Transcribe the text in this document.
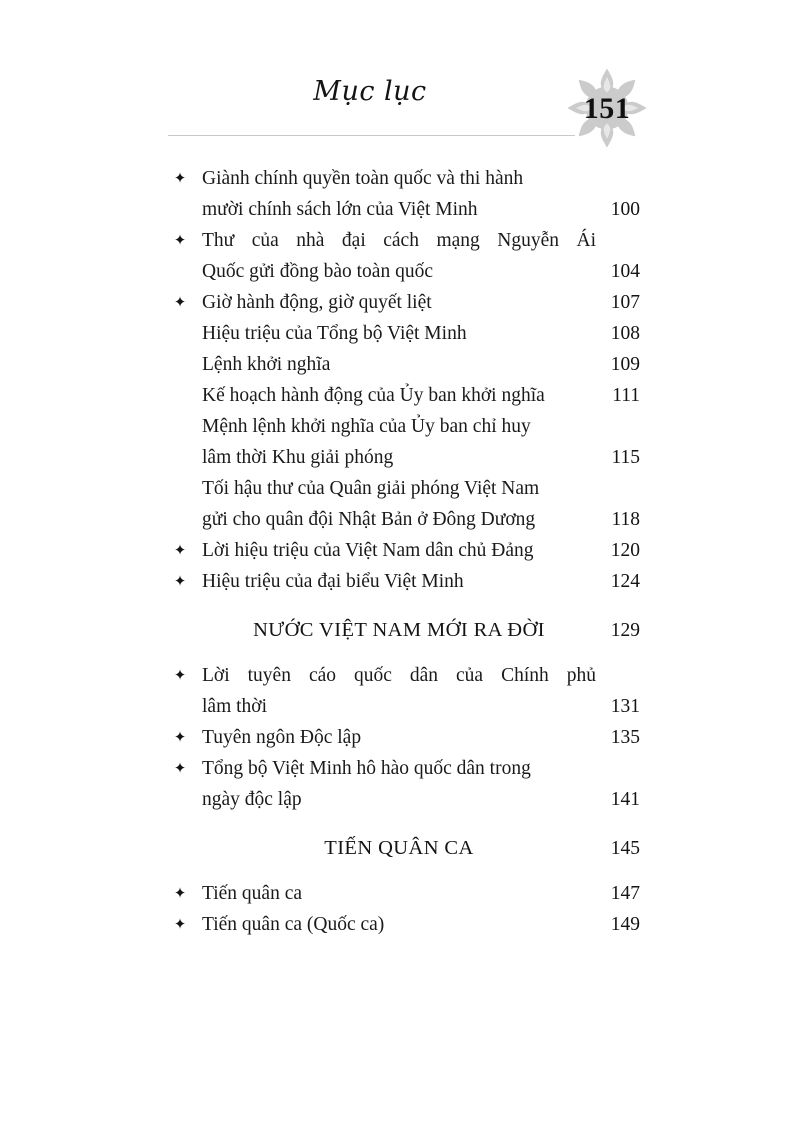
Mục lục
151
✦ Giành chính quyền toàn quốc và thi hành
mười chính sách lớn của Việt Minh	100
✦ Thư của nhà đại cách mạng Nguyễn Ái
Quốc gửi đồng bào toàn quốc	104
✦ Giờ hành động, giờ quyết liệt	107
Hiệu triệu của Tổng bộ Việt Minh	108
Lệnh khởi nghĩa	109
Kế hoạch hành động của Ủy ban khởi nghĩa	111
Mệnh lệnh khởi nghĩa của Ủy ban chỉ huy
lâm thời Khu giải phóng	115
Tối hậu thư của Quân giải phóng Việt Nam
gửi cho quân đội Nhật Bản ở Đông Dương	118
✦ Lời hiệu triệu của Việt Nam dân chủ Đảng	120
✦ Hiệu triệu của đại biểu Việt Minh	124
NƯỚC VIỆT NAM MỚI RA ĐỜI	129
✦ Lời tuyên cáo quốc dân của Chính phủ
lâm thời	131
✦ Tuyên ngôn Độc lập	135
✦ Tổng bộ Việt Minh hô hào quốc dân trong
ngày độc lập	141
TIẾN QUÂN CA	145
✦ Tiến quân ca	147
✦ Tiến quân ca (Quốc ca)	149
